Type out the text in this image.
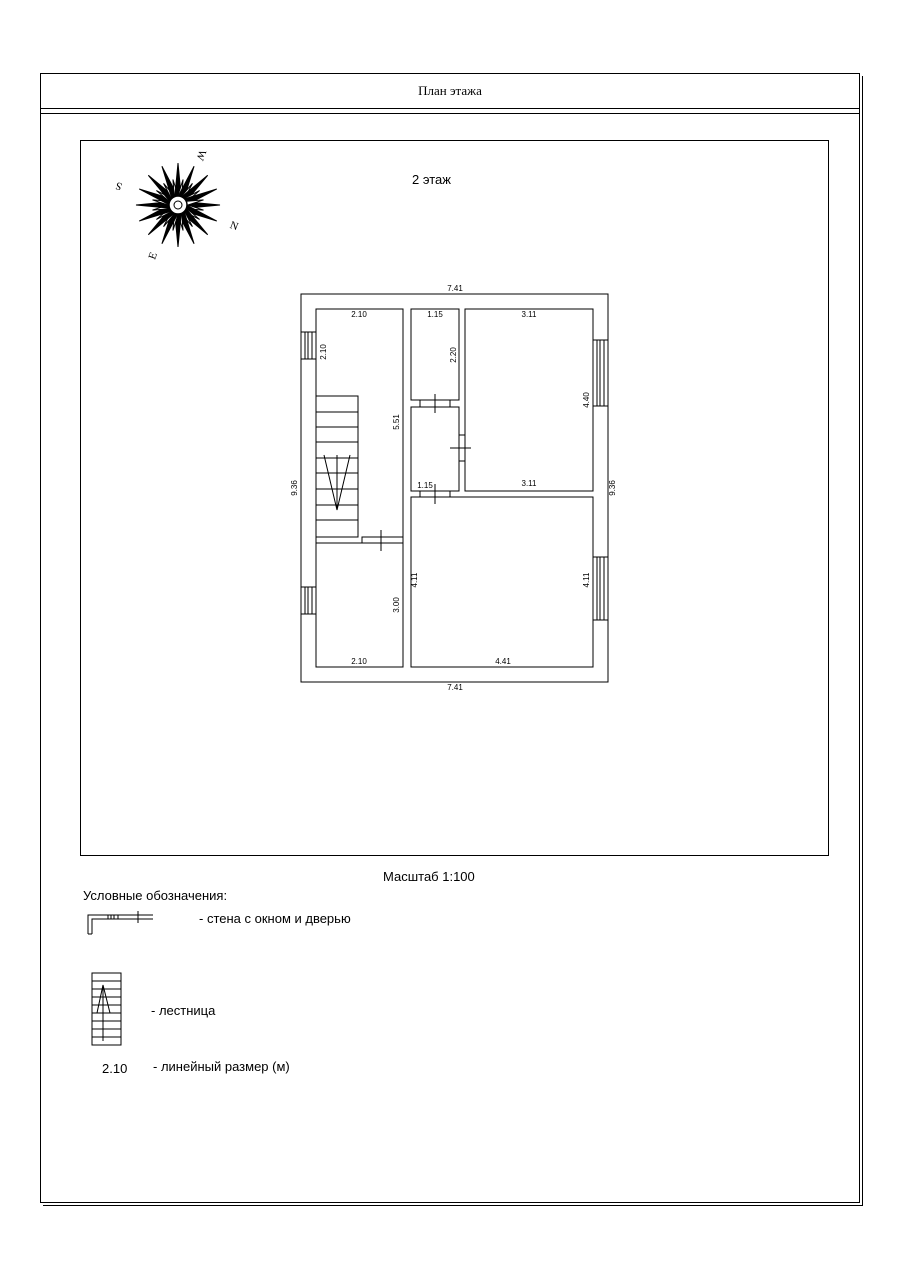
План этажа
2 этаж
W
N
E
S
7.41
7.41
9.36	9.36
2.10
2.10
5.51
1.15
2.20
1.15
3.11
3.11
4.40
3.00
2.10
4.11	4.11
4.41
Масштаб 1:100
Условные обозначения:
- стена с окном и дверью
- лестница
2.10 - линейный размер (м)
